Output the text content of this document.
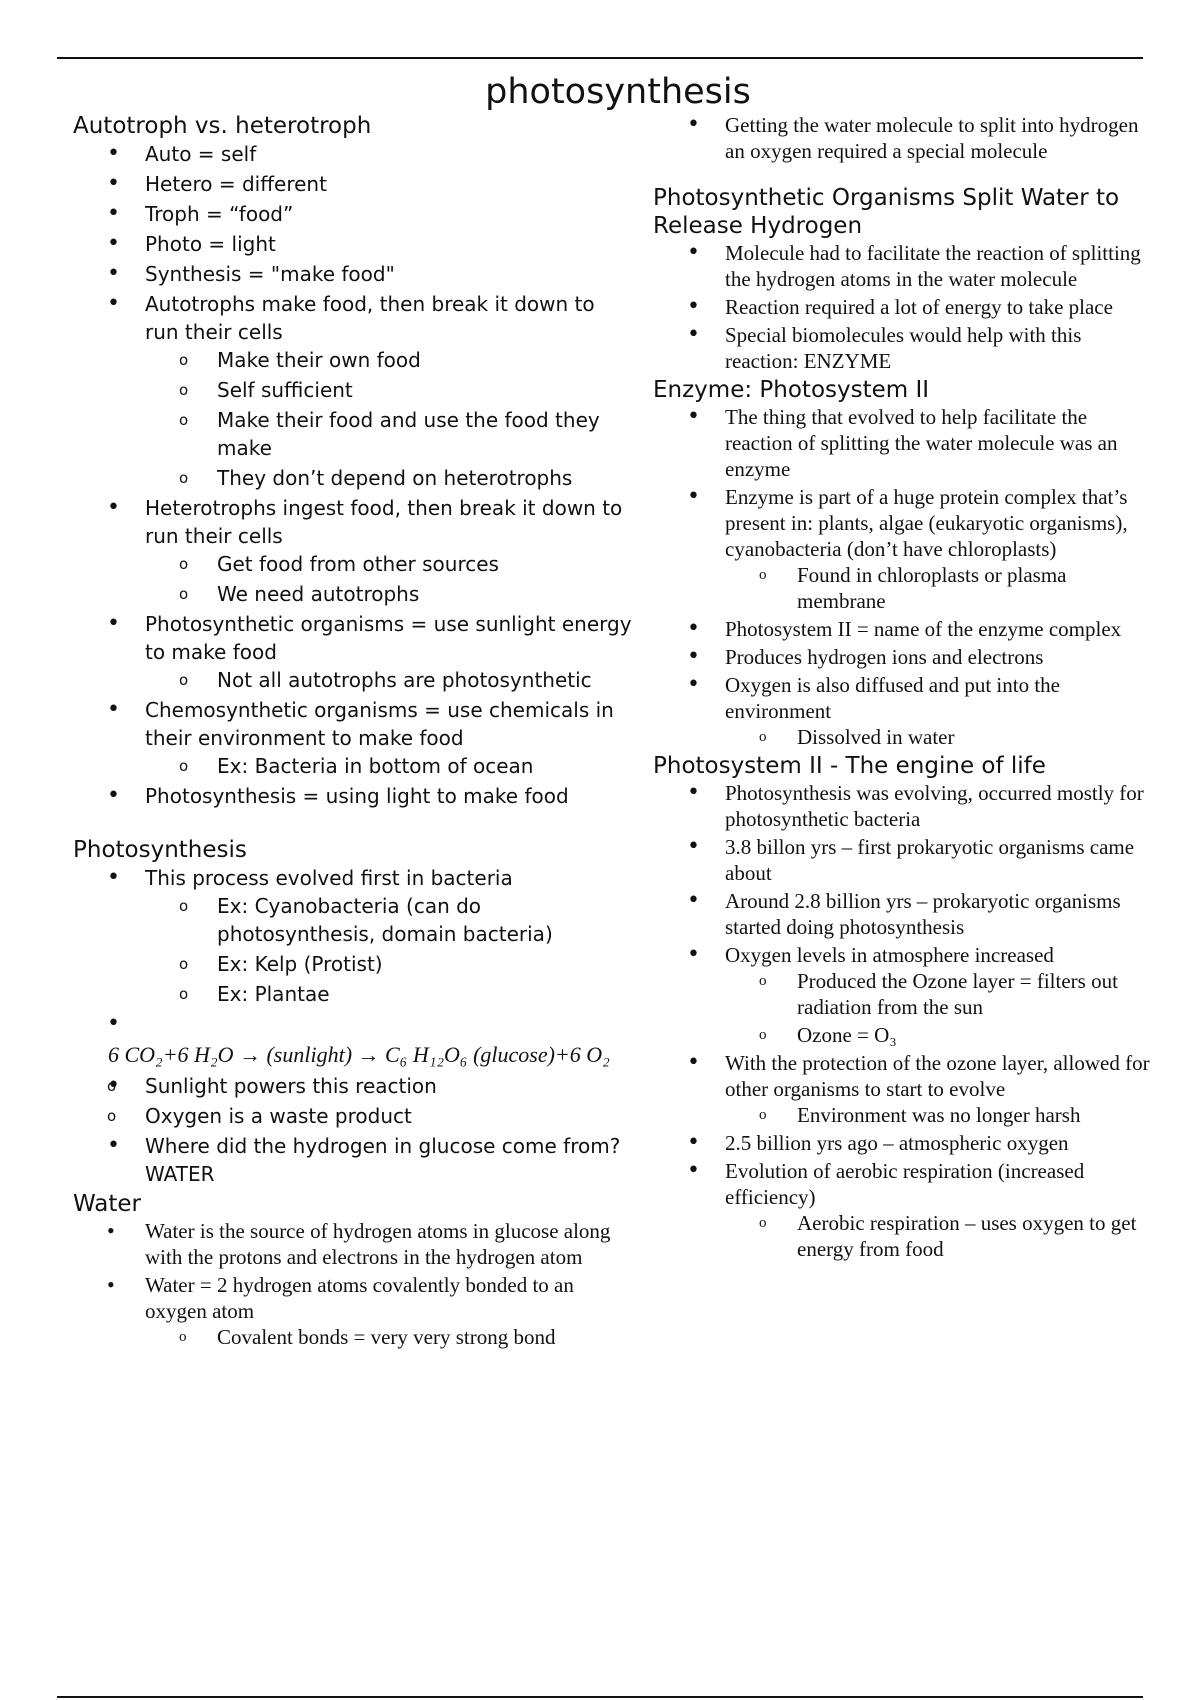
photosynthesis
Autotroph vs. heterotroph
• Auto = self
• Hetero = different
• Troph = “food”
• Photo = light
• Synthesis = "make food"
• Autotrophs make food, then break it down to run their cells
o Make their own food
o Self sufficient
o Make their food and use the food they make
o They don’t depend on heterotrophs
• Heterotrophs ingest food, then break it down to run their cells
o Get food from other sources
o We need autotrophs
• Photosynthetic organisms = use sunlight energy to make food
o Not all autotrophs are photosynthetic
• Chemosynthetic organisms = use chemicals in their environment to make food
o Ex: Bacteria in bottom of ocean
• Photosynthesis = using light to make food
Photosynthesis
• This process evolved first in bacteria
o Ex: Cyanobacteria (can do photosynthesis, domain bacteria)
o Ex: Kelp (Protist)
o Ex: Plantae
•
6 CO₂+6 H₂O → (sunlight) → C₆ H₁₂O₆ (glucose)+6 O₂
o • Sunlight powers this reaction
o Oxygen is a waste product
• Where did the hydrogen in glucose come from? WATER
Water
• Water is the source of hydrogen atoms in glucose along with the protons and electrons in the hydrogen atom
• Water = 2 hydrogen atoms covalently bonded to an oxygen atom
o Covalent bonds = very very strong bond
• Getting the water molecule to split into hydrogen an oxygen required a special molecule
Photosynthetic Organisms Split Water to Release Hydrogen
• Molecule had to facilitate the reaction of splitting the hydrogen atoms in the water molecule
• Reaction required a lot of energy to take place
• Special biomolecules would help with this reaction: ENZYME
Enzyme: Photosystem II
• The thing that evolved to help facilitate the reaction of splitting the water molecule was an enzyme
• Enzyme is part of a huge protein complex that’s present in: plants, algae (eukaryotic organisms), cyanobacteria (don’t have chloroplasts)
o Found in chloroplasts or plasma membrane
• Photosystem II = name of the enzyme complex
• Produces hydrogen ions and electrons
• Oxygen is also diffused and put into the environment
o Dissolved in water
Photosystem II - The engine of life
• Photosynthesis was evolving, occurred mostly for photosynthetic bacteria
• 3.8 billon yrs – first prokaryotic organisms came about
• Around 2.8 billion yrs – prokaryotic organisms started doing photosynthesis
• Oxygen levels in atmosphere increased
o Produced the Ozone layer = filters out radiation from the sun
o Ozone = O₃
• With the protection of the ozone layer, allowed for other organisms to start to evolve
o Environment was no longer harsh
• 2.5 billion yrs ago – atmospheric oxygen
• Evolution of aerobic respiration (increased efficiency)
o Aerobic respiration – uses oxygen to get energy from food
